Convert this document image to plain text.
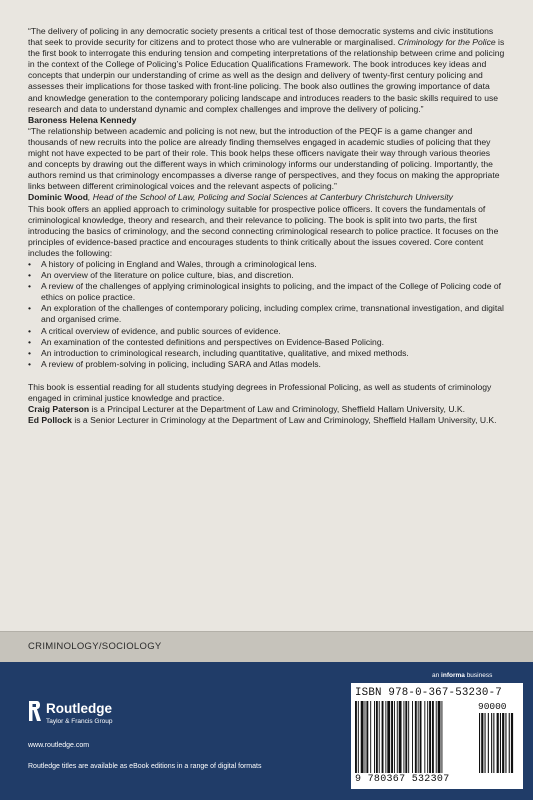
“The delivery of policing in any democratic society presents a critical test of those democratic systems and civic institutions that seek to provide security for citizens and to protect those who are vulnerable or marginalised. Criminology for the Police is the first book to interrogate this enduring tension and competing interpretations of the relationship between crime and policing in the context of the College of Policing’s Police Education Qualifications Framework. The book introduces key ideas and concepts that underpin our understanding of crime as well as the design and delivery of twenty-first century policing and assesses their implications for those tasked with front-line policing. The book also outlines the growing importance of data and knowledge generation to the contemporary policing landscape and introduces readers to the basic skills required to use research and data to understand dynamic and complex challenges and improve the delivery of policing.”
Baroness Helena Kennedy

“The relationship between academic and policing is not new, but the introduction of the PEQF is a game changer and thousands of new recruits into the police are already finding themselves engaged in academic studies of policing that they might not have expected to be part of their role. This book helps these officers navigate their way through various theories and concepts by drawing out the different ways in which criminology informs our understanding of policing. Importantly, the authors remind us that criminology encompasses a diverse range of perspectives, and they focus on making the appropriate links between different criminological voices and the relevant aspects of policing.”
Dominic Wood, Head of the School of Law, Policing and Social Sciences at Canterbury Christchurch University

This book offers an applied approach to criminology suitable for prospective police officers. It covers the fundamentals of criminological knowledge, theory and research, and their relevance to policing. The book is split into two parts, the first introducing the basics of criminology, and the second connecting criminological research to police practice. It focuses on the principles of evidence-based practice and encourages students to think critically about the issues covered. Core content includes the following:

• A history of policing in England and Wales, through a criminological lens.
• An overview of the literature on police culture, bias, and discretion.
• A review of the challenges of applying criminological insights to policing, and the impact of the College of Policing code of ethics on police practice.
• An exploration of the challenges of contemporary policing, including complex crime, transnational investigation, and digital and organised crime.
• A critical overview of evidence, and public sources of evidence.
• An examination of the contested definitions and perspectives on Evidence-Based Policing.
• An introduction to criminological research, including quantitative, qualitative, and mixed methods.
• A review of problem-solving in policing, including SARA and Atlas models.

This book is essential reading for all students studying degrees in Professional Policing, as well as students of criminology engaged in criminal justice knowledge and practice.

Craig Paterson is a Principal Lecturer at the Department of Law and Criminology, Sheffield Hallam University, U.K.

Ed Pollock is a Senior Lecturer in Criminology at the Department of Law and Criminology, Sheffield Hallam University, U.K.

CRIMINOLOGY/SOCIOLOGY
an informa business
Routledge
Taylor & Francis Group
www.routledge.com
Routledge titles are available as eBook editions in a range of digital formats
ISBN 978-0-367-53230-7
90000
9 780367 532307
